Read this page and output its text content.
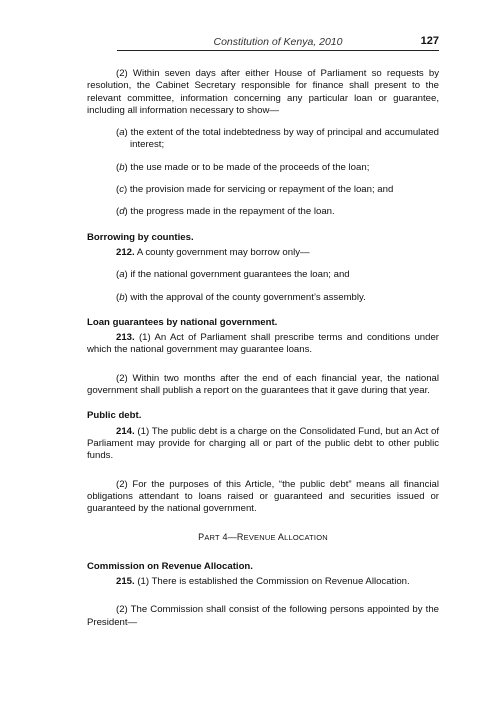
Constitution of Kenya, 2010	127

(2) Within seven days after either House of Parliament so requests by resolution, the Cabinet Secretary responsible for finance shall present to the relevant committee, information concerning any particular loan or guarantee, including all information necessary to show—

(a) the extent of the total indebtedness by way of principal and accumulated interest;

(b) the use made or to be made of the proceeds of the loan;

(c) the provision made for servicing or repayment of the loan; and

(d) the progress made in the repayment of the loan.

Borrowing by counties.

212. A county government may borrow only—

(a) if the national government guarantees the loan; and

(b) with the approval of the county government’s assembly.

Loan guarantees by national government.

213. (1) An Act of Parliament shall prescribe terms and conditions under which the national government may guarantee loans.

(2) Within two months after the end of each financial year, the national government shall publish a report on the guarantees that it gave during that year.

Public debt.

214. (1) The public debt is a charge on the Consolidated Fund, but an Act of Parliament may provide for charging all or part of the public debt to other public funds.

(2) For the purposes of this Article, “the public debt” means all financial obligations attendant to loans raised or guaranteed and securities issued or guaranteed by the national government.

PART 4—REVENUE ALLOCATION

Commission on Revenue Allocation.

215. (1) There is established the Commission on Revenue Allocation.

(2) The Commission shall consist of the following persons appointed by the President—
